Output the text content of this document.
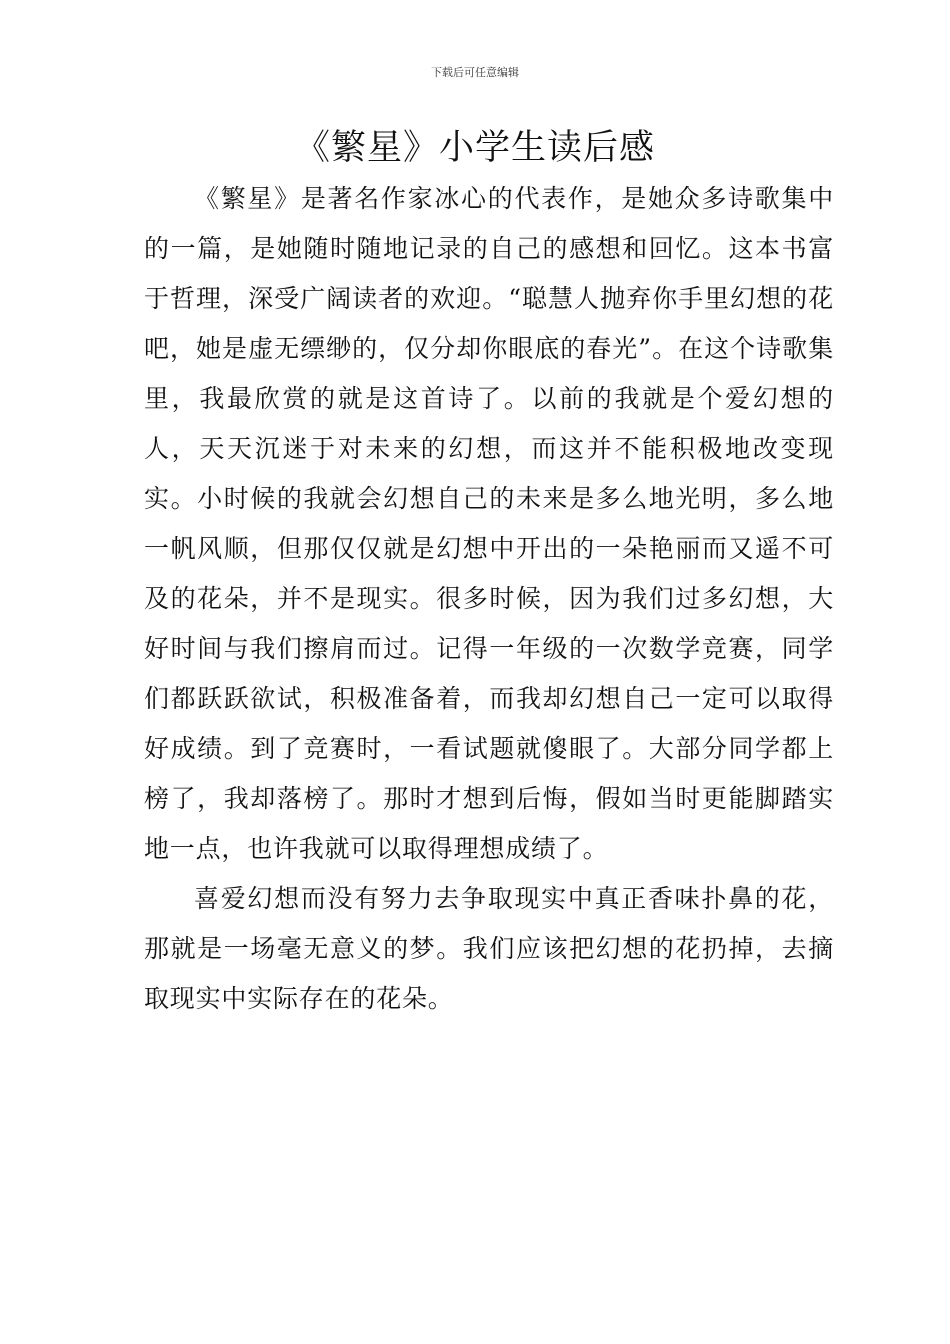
下载后可任意编辑
《繁星》小学生读后感

《繁星》是著名作家冰心的代表作，是她众多诗歌集中的一篇，是她随时随地记录的自己的感想和回忆。这本书富于哲理，深受广阔读者的欢迎。“聪慧人抛弃你手里幻想的花吧，她是虚无缥缈的，仅分却你眼底的春光”。在这个诗歌集里，我最欣赏的就是这首诗了。以前的我就是个爱幻想的人，天天沉迷于对未来的幻想，而这并不能积极地改变现实。小时候的我就会幻想自己的未来是多么地光明，多么地一帆风顺，但那仅仅就是幻想中开出的一朵艳丽而又遥不可及的花朵，并不是现实。很多时候，因为我们过多幻想，大好时间与我们擦肩而过。记得一年级的一次数学竞赛，同学们都跃跃欲试，积极准备着，而我却幻想自己一定可以取得好成绩。到了竞赛时，一看试题就傻眼了。大部分同学都上榜了，我却落榜了。那时才想到后悔，假如当时更能脚踏实地一点，也许我就可以取得理想成绩了。

喜爱幻想而没有努力去争取现实中真正香味扑鼻的花，那就是一场毫无意义的梦。我们应该把幻想的花扔掉，去摘取现实中实际存在的花朵。
